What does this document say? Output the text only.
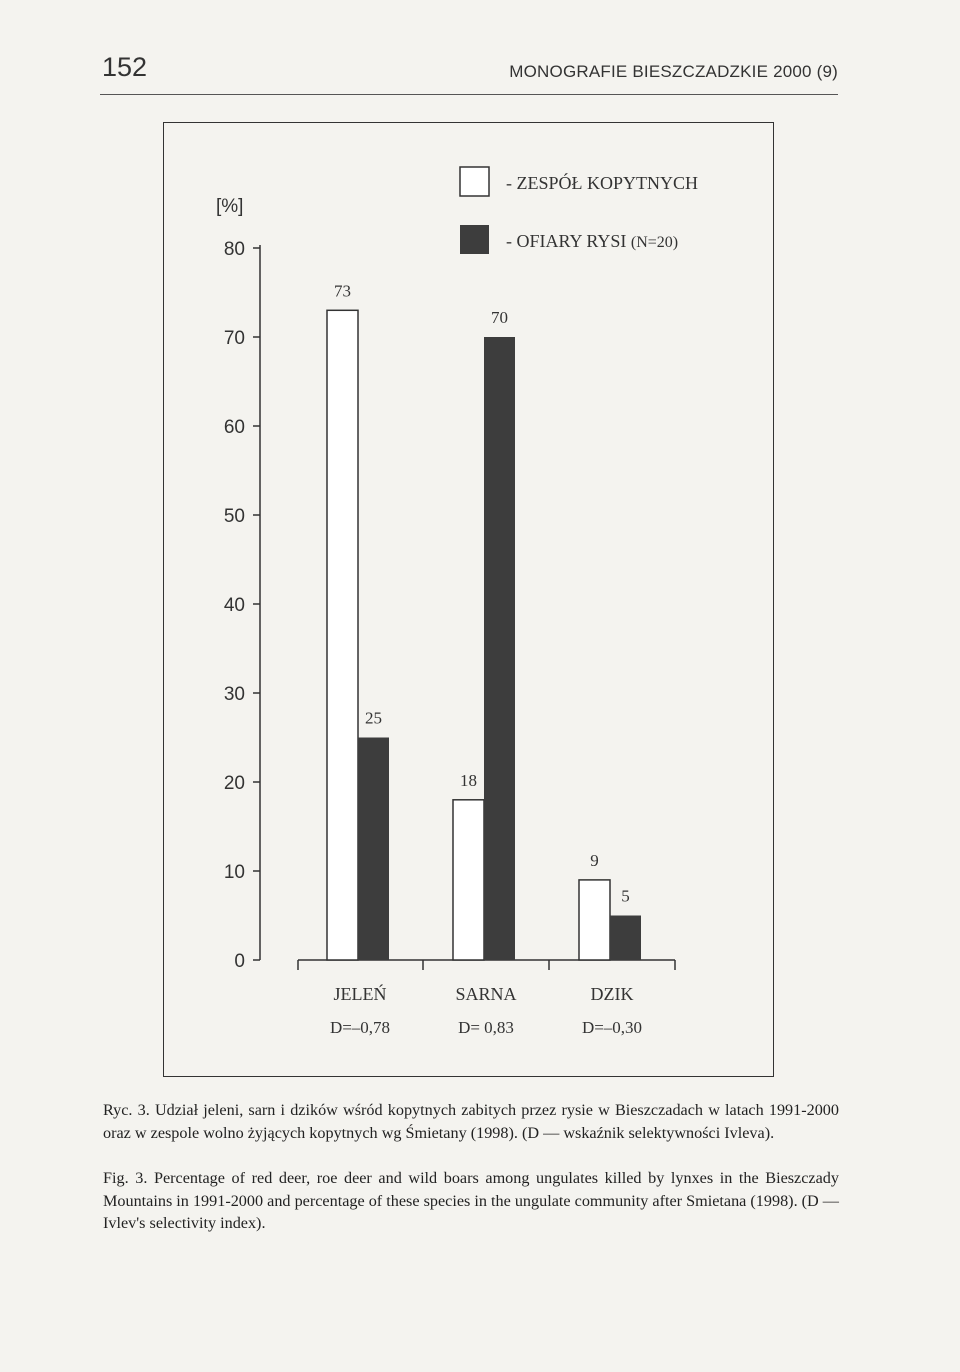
152	MONOGRAFIE BIESZCZADZKIE 2000 (9)
[%]
- ZESPÓŁ KOPYTNYCH
- OFIARY RYSI (N=20)
0
10
20
30
40
50
60
70
80
73
18
9
25
70
5
JELEŃ
D=–0,78
SARNA
D= 0,83
DZIK
D=–0,30

Ryc. 3. Udział jeleni, sarn i dzików wśród kopytnych zabitych przez rysie w Bieszczadach w latach 1991-2000 oraz w zespole wolno żyjących kopytnych wg Śmietany (1998). (D — wskaźnik selektywności Ivleva).

Fig. 3. Percentage of red deer, roe deer and wild boars among ungulates killed by lynxes in the Bieszczady Mountains in 1991-2000 and percentage of these species in the ungulate community after Smietana (1998). (D — Ivlev's selectivity index).
